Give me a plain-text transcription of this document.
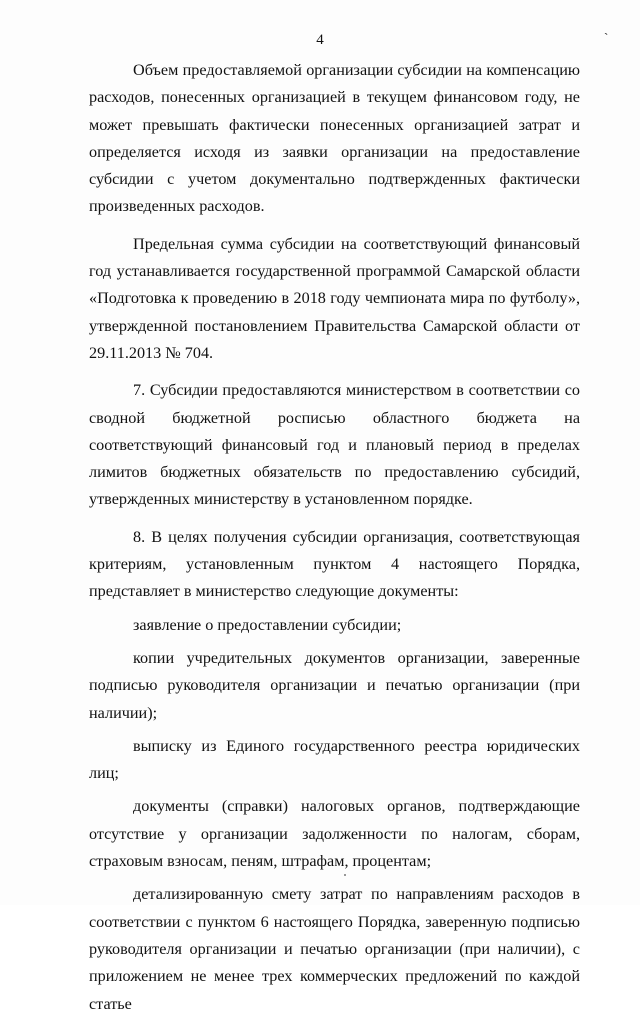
4	ˋ

Объем предоставляемой организации субсидии на компенсацию расходов, понесенных организацией в текущем финансовом году, не может превышать фактически понесенных организацией затрат и определяется исходя из заявки организации на предоставление субсидии с учетом документально подтвержденных фактически произведенных расходов.

Предельная сумма субсидии на соответствующий финансовый год устанавливается государственной программой Самарской области «Подготовка к проведению в 2018 году чемпионата мира по футболу», утвержденной постановлением Правительства Самарской области от 29.11.2013 № 704.

7. Субсидии предоставляются министерством в соответствии со сводной бюджетной росписью областного бюджета на соответствующий финансовый год и плановый период в пределах лимитов бюджетных обязательств по предоставлению субсидий, утвержденных министерству в установленном порядке.

8. В целях получения субсидии организация, соответствующая критериям, установленным пунктом 4 настоящего Порядка, представляет в министерство следующие документы:

заявление о предоставлении субсидии;

копии учредительных документов организации, заверенные подписью руководителя организации и печатью организации (при наличии);

выписку из Единого государственного реестра юридических лиц;

документы (справки) налоговых органов, подтверждающие отсутствие у организации задолженности по налогам, сборам, страховым взносам, пеням, штрафам, процентам;

детализированную смету затрат по направлениям расходов в соответствии с пунктом 6 настоящего Порядка, заверенную подписью руководителя организации и печатью организации (при наличии), с приложением не менее трех коммерческих предложений по каждой статье
